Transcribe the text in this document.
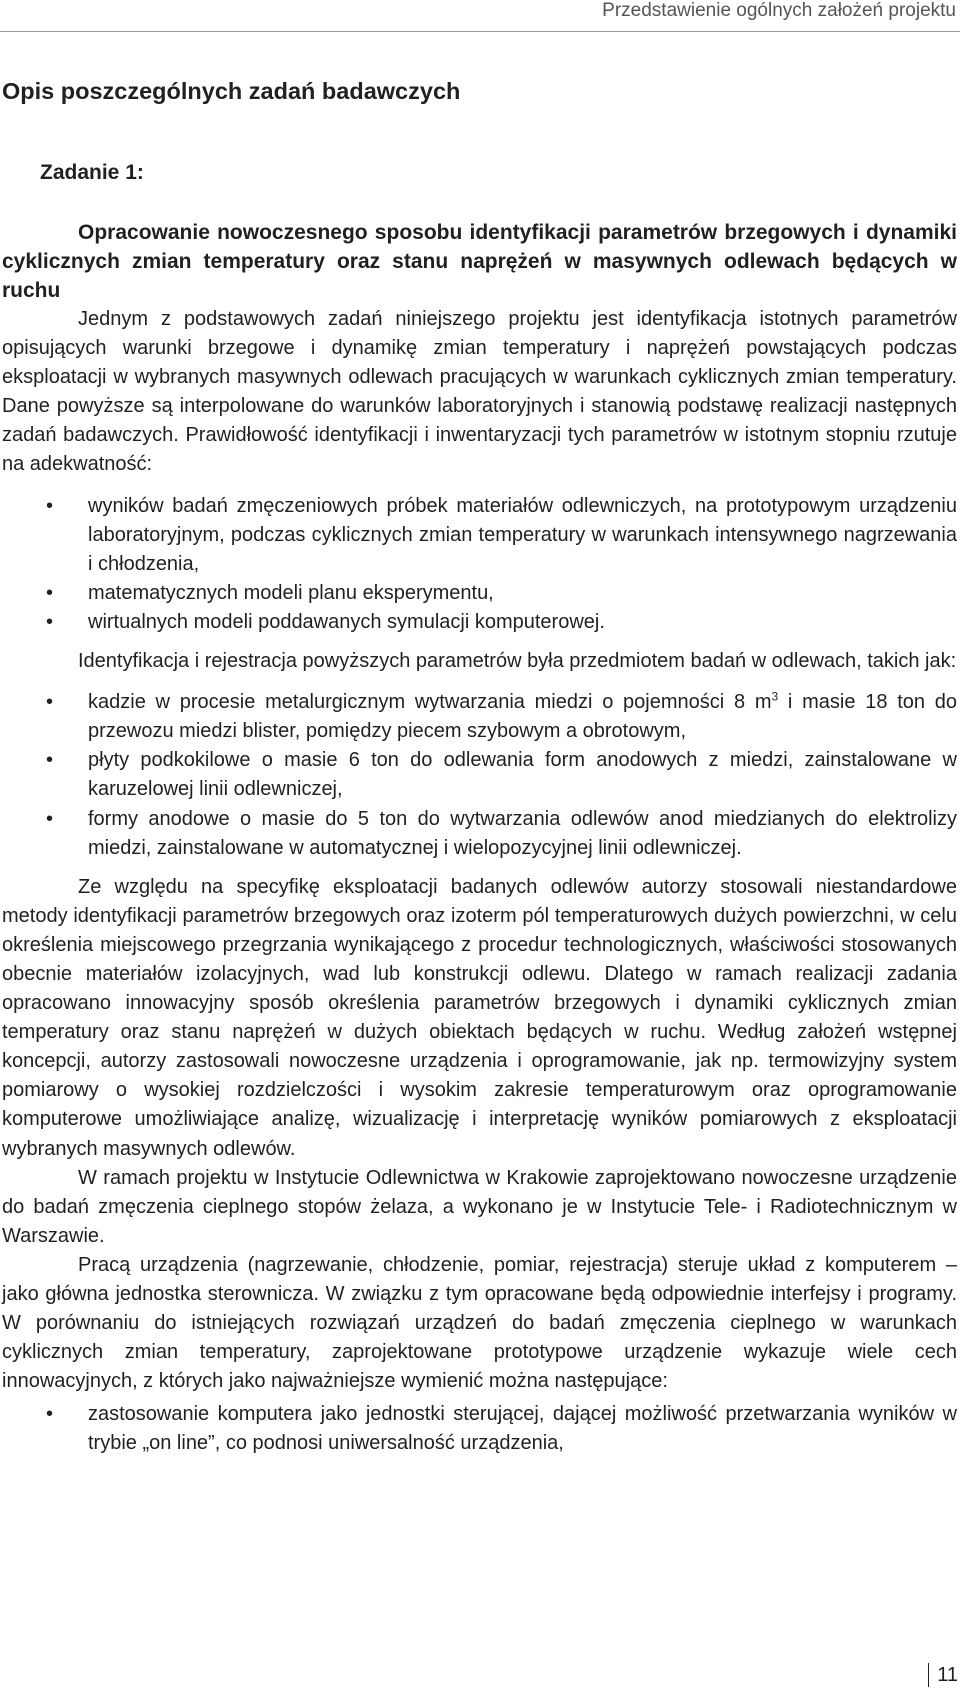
Przedstawienie ogólnych założeń projektu
Opis poszczególnych zadań badawczych
Zadanie 1:
Opracowanie nowoczesnego sposobu identyfikacji parametrów brzegowych i dynamiki cyklicznych zmian temperatury oraz stanu naprężeń w masywnych odlewach będących w ruchu

Jednym z podstawowych zadań niniejszego projektu jest identyfikacja istotnych parametrów opisujących warunki brzegowe i dynamikę zmian temperatury i naprężeń powstających podczas eksploatacji w wybranych masywnych odlewach pracujących w warunkach cyklicznych zmian temperatury. Dane powyższe są interpolowane do warunków laboratoryjnych i stanowią podstawę realizacji następnych zadań badawczych. Prawidłowość identyfikacji i inwentaryzacji tych parametrów w istotnym stopniu rzutuje na adekwatność:

• wyników badań zmęczeniowych próbek materiałów odlewniczych, na prototypowym urządzeniu laboratoryjnym, podczas cyklicznych zmian temperatury w warunkach intensywnego nagrzewania i chłodzenia,
• matematycznych modeli planu eksperymentu,
• wirtualnych modeli poddawanych symulacji komputerowej.

Identyfikacja i rejestracja powyższych parametrów była przedmiotem badań w odlewach, takich jak:

• kadzie w procesie metalurgicznym wytwarzania miedzi o pojemności 8 $m^3$ i masie 18 ton do przewozu miedzi blister, pomiędzy piecem szybowym a obrotowym,
• płyty podkokilowe o masie 6 ton do odlewania form anodowych z miedzi, zainstalowane w karuzelowej linii odlewniczej,
• formy anodowe o masie do 5 ton do wytwarzania odlewów anod miedzianych do elektrolizy miedzi, zainstalowane w automatycznej i wielopozycyjnej linii odlewniczej.

Ze względu na specyfikę eksploatacji badanych odlewów autorzy stosowali niestandardowe metody identyfikacji parametrów brzegowych oraz izoterm pól temperaturowych dużych powierzchni, w celu określenia miejscowego przegrzania wynikającego z procedur technologicznych, właściwości stosowanych obecnie materiałów izolacyjnych, wad lub konstrukcji odlewu. Dlatego w ramach realizacji zadania opracowano innowacyjny sposób określenia parametrów brzegowych i dynamiki cyklicznych zmian temperatury oraz stanu naprężeń w dużych obiektach będących w ruchu. Według założeń wstępnej koncepcji, autorzy zastosowali nowoczesne urządzenia i oprogramowanie, jak np. termowizyjny system pomiarowy o wysokiej rozdzielczości i wysokim zakresie temperaturowym oraz oprogramowanie komputerowe umożliwiające analizę, wizualizację i interpretację wyników pomiarowych z eksploatacji wybranych masywnych odlewów.

W ramach projektu w Instytucie Odlewnictwa w Krakowie zaprojektowano nowoczesne urządzenie do badań zmęczenia cieplnego stopów żelaza, a wykonano je w Instytucie Tele- i Radiotechnicznym w Warszawie.

Pracą urządzenia (nagrzewanie, chłodzenie, pomiar, rejestracja) steruje układ z komputerem – jako główna jednostka sterownicza. W związku z tym opracowane będą odpowiednie interfejsy i programy. W porównaniu do istniejących rozwiązań urządzeń do badań zmęczenia cieplnego w warunkach cyklicznych zmian temperatury, zaprojektowane prototypowe urządzenie wykazuje wiele cech innowacyjnych, z których jako najważniejsze wymienić można następujące:

• zastosowanie komputera jako jednostki sterującej, dającej możliwość przetwarzania wyników w trybie „on line”, co podnosi uniwersalność urządzenia,
11
